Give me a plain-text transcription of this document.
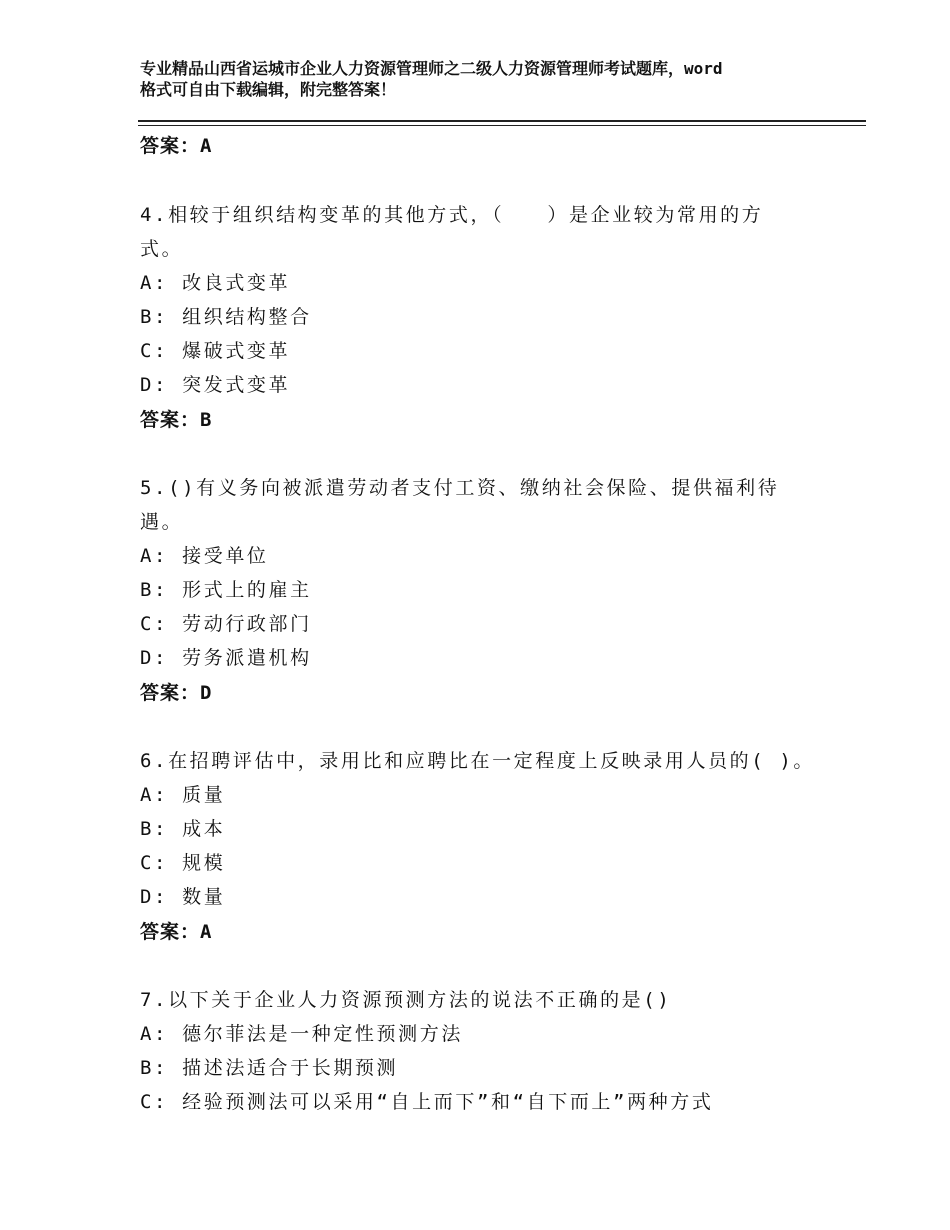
专业精品山西省运城市企业人力资源管理师之二级人力资源管理师考试题库，word
格式可自由下载编辑，附完整答案！
答案：A
4.相较于组织结构变革的其他方式，（　　）是企业较为常用的方
式。
A: 改良式变革
B: 组织结构整合
C: 爆破式变革
D: 突发式变革
答案：B
5.()有义务向被派遣劳动者支付工资、缴纳社会保险、提供福利待
遇。
A: 接受单位
B: 形式上的雇主
C: 劳动行政部门
D: 劳务派遣机构
答案：D
6.在招聘评估中，录用比和应聘比在一定程度上反映录用人员的( )。
A: 质量
B: 成本
C: 规模
D: 数量
答案：A
7.以下关于企业人力资源预测方法的说法不正确的是()
A: 德尔菲法是一种定性预测方法
B: 描述法适合于长期预测
C: 经验预测法可以采用“自上而下”和“自下而上”两种方式
